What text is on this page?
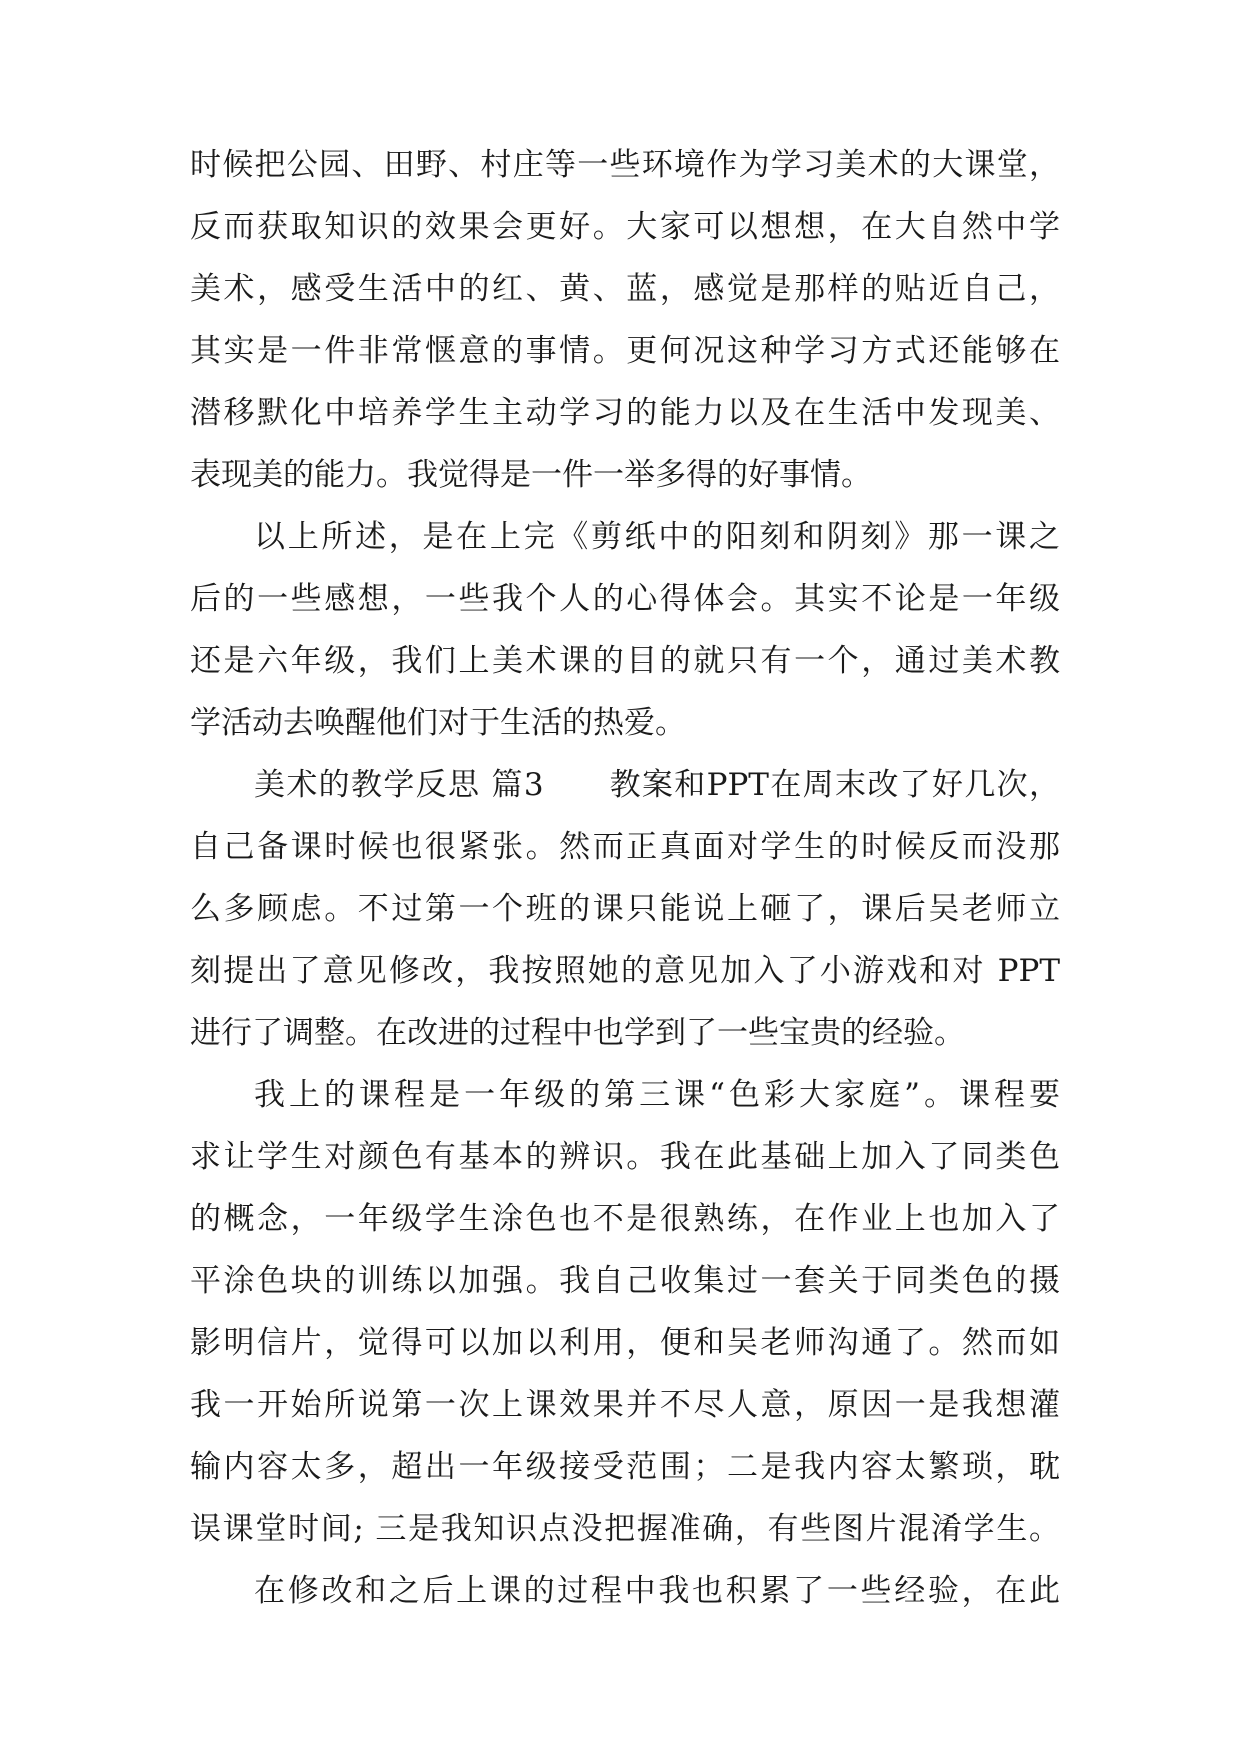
时候把公园、田野、村庄等一些环境作为学习美术的大课堂，

反而获取知识的效果会更好。大家可以想想，在大自然中学

美术，感受生活中的红、黄、蓝，感觉是那样的贴近自己，

其实是一件非常惬意的事情。更何况这种学习方式还能够在

潜移默化中培养学生主动学习的能力以及在生活中发现美、

表现美的能力。我觉得是一件一举多得的好事情。

以上所述，是在上完《剪纸中的阳刻和阴刻》那一课之

后的一些感想，一些我个人的心得体会。其实不论是一年级

还是六年级，我们上美术课的目的就只有一个，通过美术教

学活动去唤醒他们对于生活的热爱。

美术的教学反思 篇3　　教案和PPT在周末改了好几次，

自己备课时候也很紧张。然而正真面对学生的时候反而没那

么多顾虑。不过第一个班的课只能说上砸了，课后吴老师立

刻提出了意见修改，我按照她的意见加入了小游戏和对 PPT

进行了调整。在改进的过程中也学到了一些宝贵的经验。

我上的课程是一年级的第三课“色彩大家庭”。课程要

求让学生对颜色有基本的辨识。我在此基础上加入了同类色

的概念，一年级学生涂色也不是很熟练，在作业上也加入了

平涂色块的训练以加强。我自己收集过一套关于同类色的摄

影明信片，觉得可以加以利用，便和吴老师沟通了。然而如

我一开始所说第一次上课效果并不尽人意，原因一是我想灌

输内容太多，超出一年级接受范围；二是我内容太繁琐，耽

误课堂时间; 三是我知识点没把握准确，有些图片混淆学生。

在修改和之后上课的过程中我也积累了一些经验，在此
